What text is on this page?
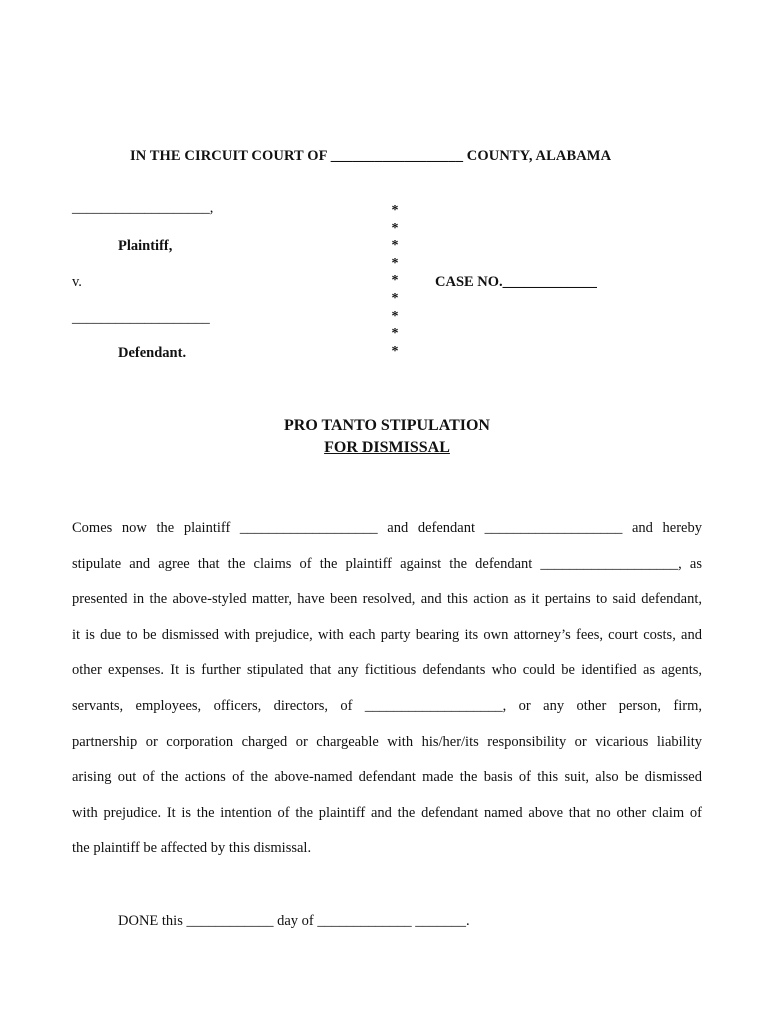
IN THE CIRCUIT COURT OF __________________ COUNTY, ALABAMA
___________________,
Plaintiff,
v.
___________________
Defendant.
*
*
*
*
*
*
*
*
*
CASE NO._____________
PRO TANTO STIPULATION
FOR DISMISSAL
Comes now the plaintiff ___________________ and defendant ___________________ and hereby
stipulate and agree that the claims of the plaintiff against the defendant ___________________, as
presented in the above-styled matter, have been resolved, and this action as it pertains to said defendant,
it is due to be dismissed with prejudice, with each party bearing its own attorney’s fees, court costs, and
other expenses. It is further stipulated that any fictitious defendants who could be identified as agents,
servants, employees, officers, directors, of ___________________, or any other person, firm,
partnership or corporation charged or chargeable with his/her/its responsibility or vicarious liability
arising out of the actions of the above-named defendant made the basis of this suit, also be dismissed
with prejudice. It is the intention of the plaintiff and the defendant named above that no other claim of
the plaintiff be affected by this dismissal.
DONE this ____________ day of _____________ _______.
